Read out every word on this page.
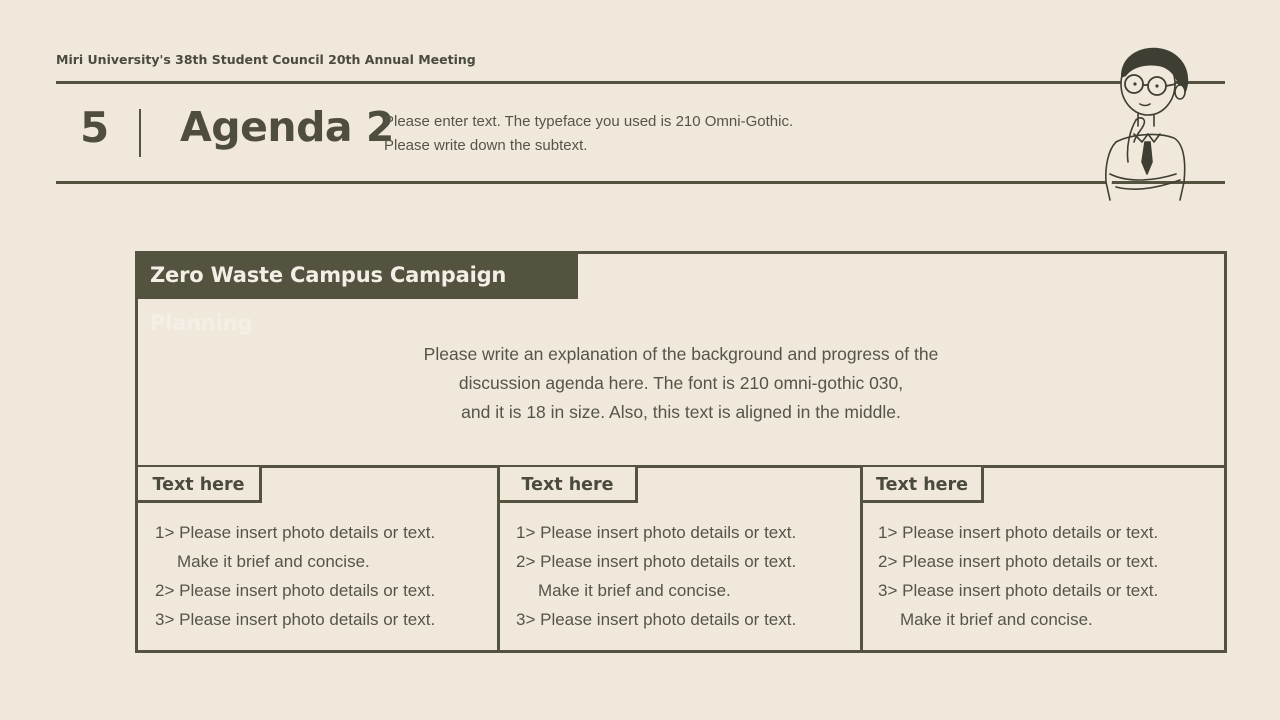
Miri University's 38th Student Council 20th Annual Meeting
5 Agenda 2
Please enter text. The typeface you used is 210 Omni-Gothic.
Please write down the subtext.
Zero Waste Campus Campaign Planning
Please write an explanation of the background and progress of the
discussion agenda here. The font is 210 omni-gothic 030,
and it is 18 in size. Also, this text is aligned in the middle.
Text here
1> Please insert photo details or text.
Make it brief and concise.
2> Please insert photo details or text.
3> Please insert photo details or text.
Text here
1> Please insert photo details or text.
2> Please insert photo details or text.
Make it brief and concise.
3> Please insert photo details or text.
Text here
1> Please insert photo details or text.
2> Please insert photo details or text.
3> Please insert photo details or text.
Make it brief and concise.
